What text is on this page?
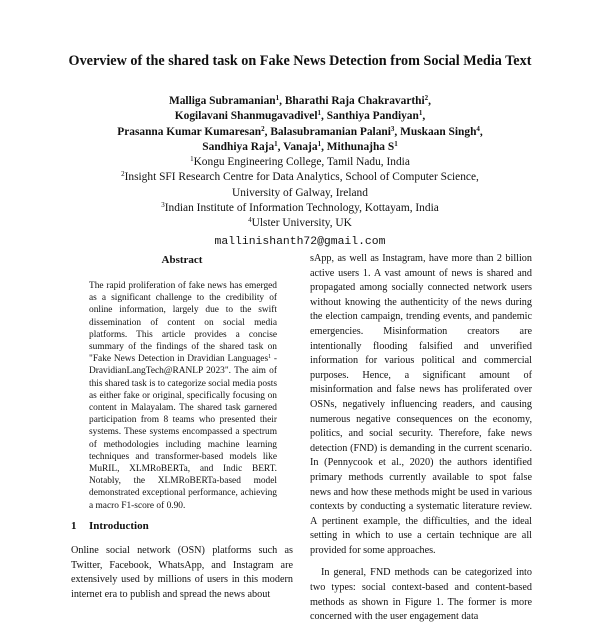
Overview of the shared task on Fake News Detection from Social Media Text
Malliga Subramanian$^1$, Bharathi Raja Chakravarthi$^2$,
Kogilavani Shanmugavadivel$^1$, Santhiya Pandiyan$^1$,
Prasanna Kumar Kumaresan$^2$, Balasubramanian Palani$^3$, Muskaan Singh$^4$,
Sandhiya Raja$^1$, Vanaja$^1$, Mithunajha $S^1$
$^1$Kongu Engineering College, Tamil Nadu, India
$^2$Insight SFI Research Centre for Data Analytics, School of Computer Science,
University of Galway, Ireland
$^3$Indian Institute of Information Technology, Kottayam, India
$^4$Ulster University, UK
mallinishanth72@gmail.com
Abstract
The rapid proliferation of fake news has emerged as a significant challenge to the credibility of online information, largely due to the swift dissemination of content on social media platforms. This article provides a concise summary of the findings of the shared task on "Fake News Detection in Dravidian Languages$^1$ - DravidianLangTech@RANLP 2023". The aim of this shared task is to categorize social media posts as either fake or original, specifically focusing on content in Malayalam. The shared task garnered participation from 8 teams who presented their systems. These systems encompassed a spectrum of methodologies including machine learning techniques and transformer-based models like MuRIL, XLMRoBERTa, and Indic BERT. Notably, the XLMRoBERTa-based model demonstrated exceptional performance, achieving a macro F1-score of 0.90.
1 Introduction
Online social network (OSN) platforms such as Twitter, Facebook, WhatsApp, and Instagram are extensively used by millions of users in this modern internet era to publish and spread the news about

sApp, as well as Instagram, have more than 2 billion active users 1. A vast amount of news is shared and propagated among socially connected network users without knowing the authenticity of the news during the election campaign, trending events, and pandemic emergencies. Misinformation creators are intentionally flooding falsified and unverified information for various political and commercial purposes. Hence, a significant amount of misinformation and false news has proliferated over OSNs, negatively influencing readers, and causing numerous negative consequences on the economy, politics, and social security. Therefore, fake news detection (FND) is demanding in the current scenario. In (Pennycook et al., 2020) the authors identified primary methods currently available to spot false news and how these methods might be used in various contexts by conducting a systematic literature review. A pertinent example, the difficulties, and the ideal setting in which to use a certain technique are all provided for some approaches.

In general, FND methods can be categorized into two types: social context-based and content-based methods as shown in Figure 1. The former is more concerned with the user engagement data
